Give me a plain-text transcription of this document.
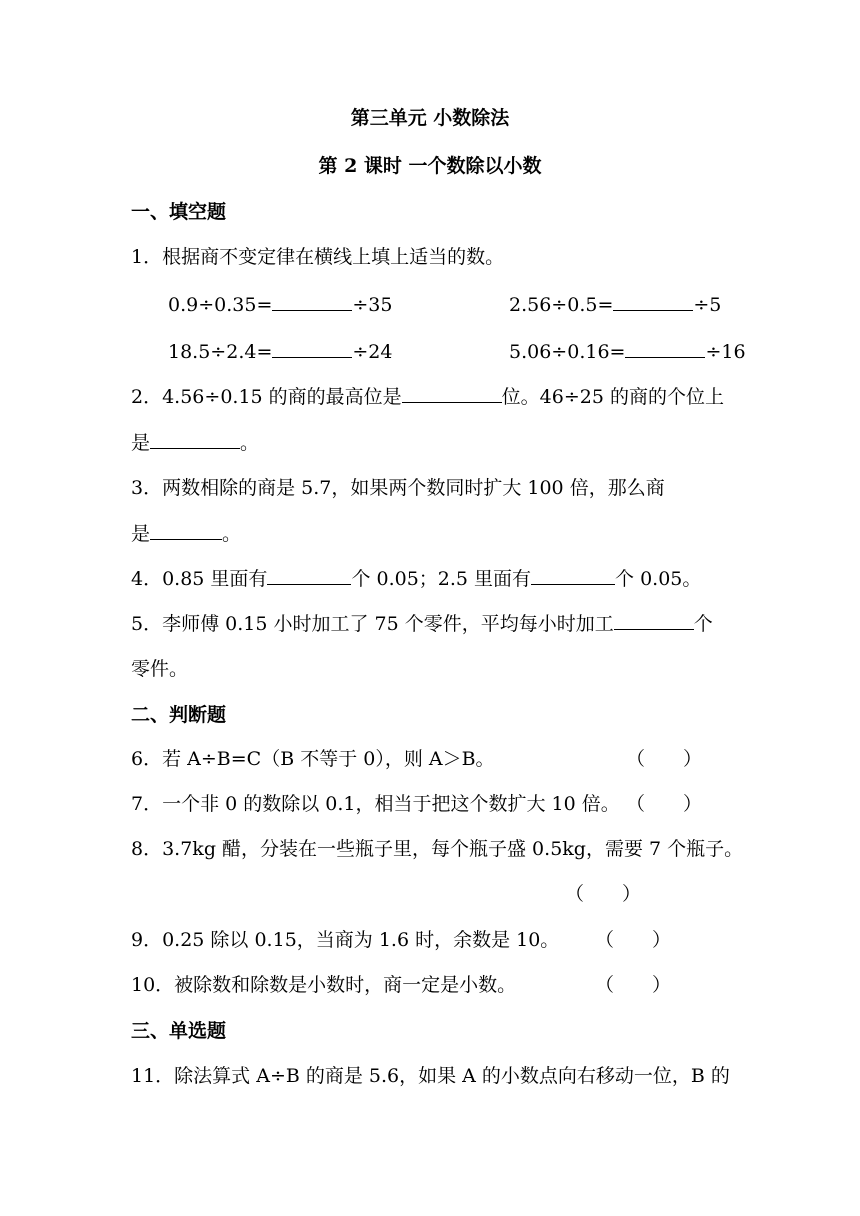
第三单元 小数除法
第 2 课时 一个数除以小数
一、填空题
1．根据商不变定律在横线上填上适当的数。
0.9÷0.35=	÷35	2.56÷0.5=	÷5
18.5÷2.4=	÷24	5.06÷0.16=	÷16
2．4.56÷0.15 的商的最高位是	位。46÷25 的商的个位上
是	。
3．两数相除的商是 5.7，如果两个数同时扩大 100 倍，那么商
是	。
4．0.85 里面有	个 0.05；2.5 里面有	个 0.05。
5．李师傅 0.15 小时加工了 75 个零件，平均每小时加工	个
零件。
二、判断题
6．若 A÷B=C（B 不等于 0），则 A＞B。	（　　）
7．一个非 0 的数除以 0.1，相当于把这个数扩大 10 倍。 （　　）
8．3.7kg 醋，分装在一些瓶子里，每个瓶子盛 0.5kg，需要 7 个瓶子。
（　　）
9．0.25 除以 0.15，当商为 1.6 时，余数是 10。 （　　）
10．被除数和除数是小数时，商一定是小数。	（　　）
三、单选题
11．除法算式 A÷B 的商是 5.6，如果 A 的小数点向右移动一位，B 的
